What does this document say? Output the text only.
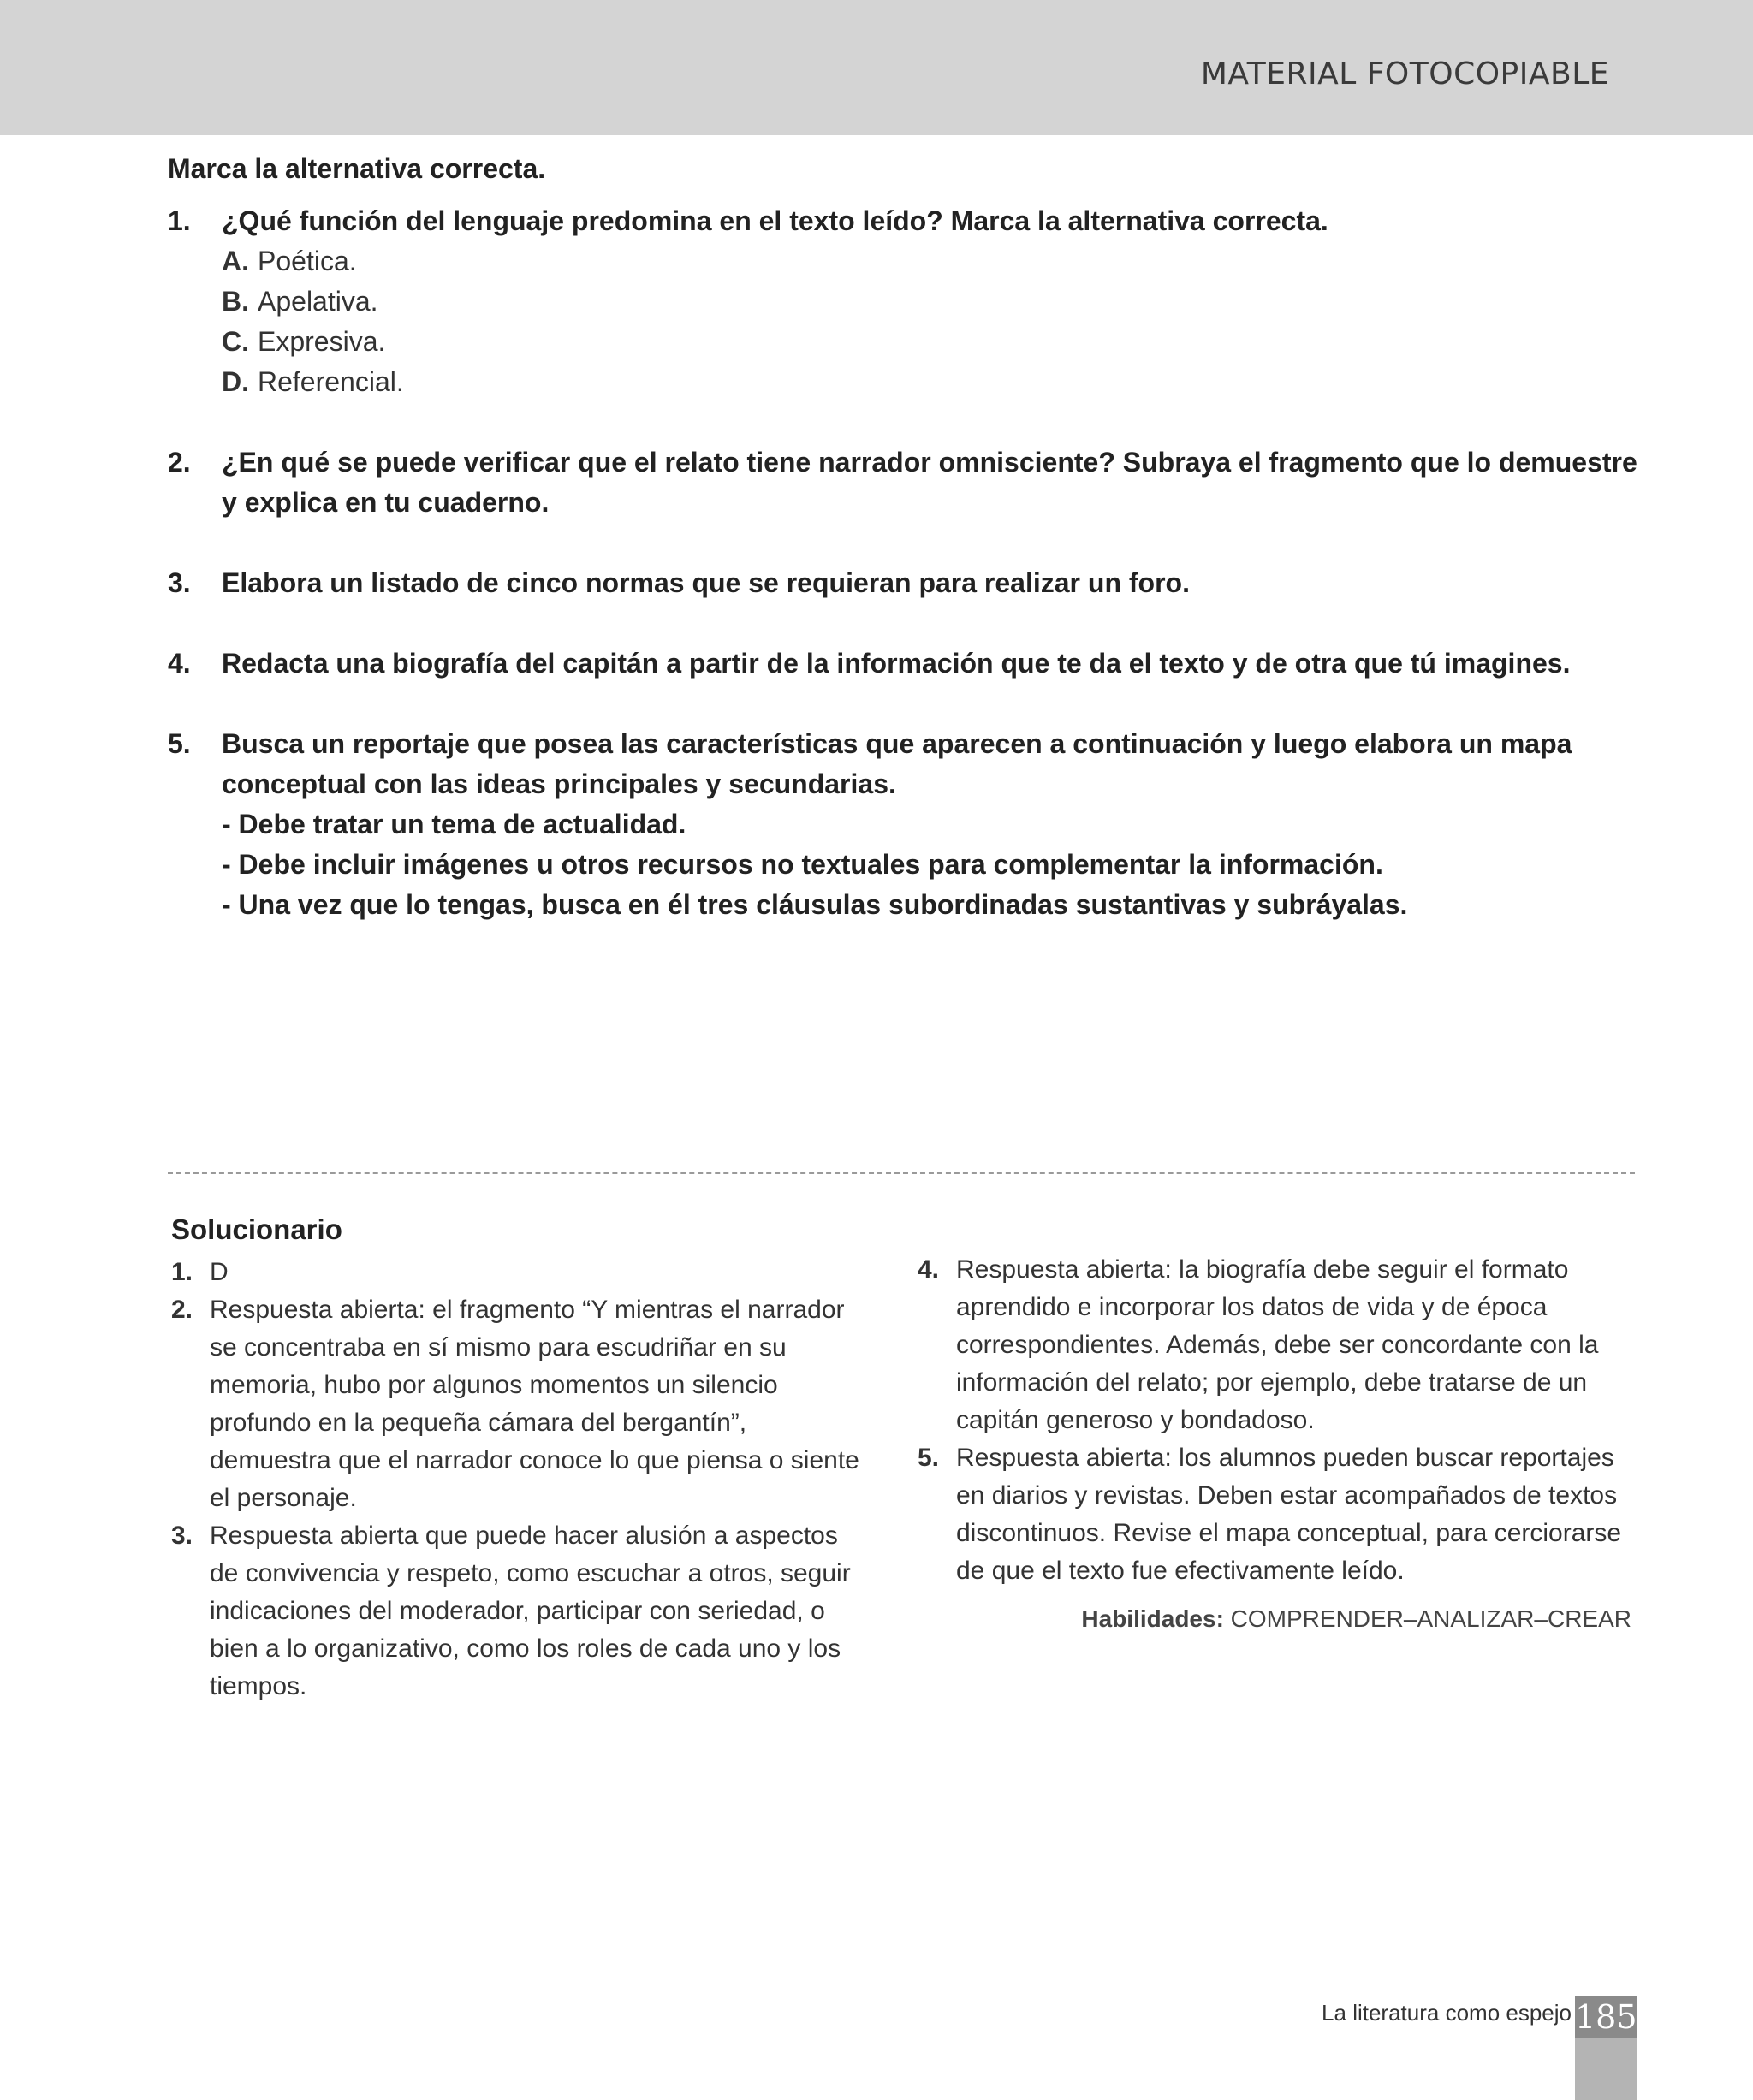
MATERIAL FOTOCOPIABLE
Marca la alternativa correcta.
1. ¿Qué función del lenguaje predomina en el texto leído? Marca la alternativa correcta.
A. Poética.
B. Apelativa.
C. Expresiva.
D. Referencial.
2. ¿En qué se puede verificar que el relato tiene narrador omnisciente? Subraya el fragmento que lo demuestre y explica en tu cuaderno.
3. Elabora un listado de cinco normas que se requieran para realizar un foro.
4. Redacta una biografía del capitán a partir de la información que te da el texto y de otra que tú imagines.
5. Busca un reportaje que posea las características que aparecen a continuación y luego elabora un mapa conceptual con las ideas principales y secundarias.
- Debe tratar un tema de actualidad.
- Debe incluir imágenes u otros recursos no textuales para complementar la información.
- Una vez que lo tengas, busca en él tres cláusulas subordinadas sustantivas y subráyalas.
Solucionario
1. D
2. Respuesta abierta: el fragmento “Y mientras el narrador se concentraba en sí mismo para escudriñar en su memoria, hubo por algunos momentos un silencio profundo en la pequeña cámara del bergantín”, demuestra que el narrador conoce lo que piensa o siente el personaje.
3. Respuesta abierta que puede hacer alusión a aspectos de convivencia y respeto, como escuchar a otros, seguir indicaciones del moderador, participar con seriedad, o bien a lo organizativo, como los roles de cada uno y los tiempos.
4. Respuesta abierta: la biografía debe seguir el formato aprendido e incorporar los datos de vida y de época correspondientes. Además, debe ser concordante con la información del relato; por ejemplo, debe tratarse de un capitán generoso y bondadoso.
5. Respuesta abierta: los alumnos pueden buscar reportajes en diarios y revistas. Deben estar acompañados de textos discontinuos. Revise el mapa conceptual, para cerciorarse de que el texto fue efectivamente leído.
Habilidades: COMPRENDER–ANALIZAR–CREAR
La literatura como espejo 185
